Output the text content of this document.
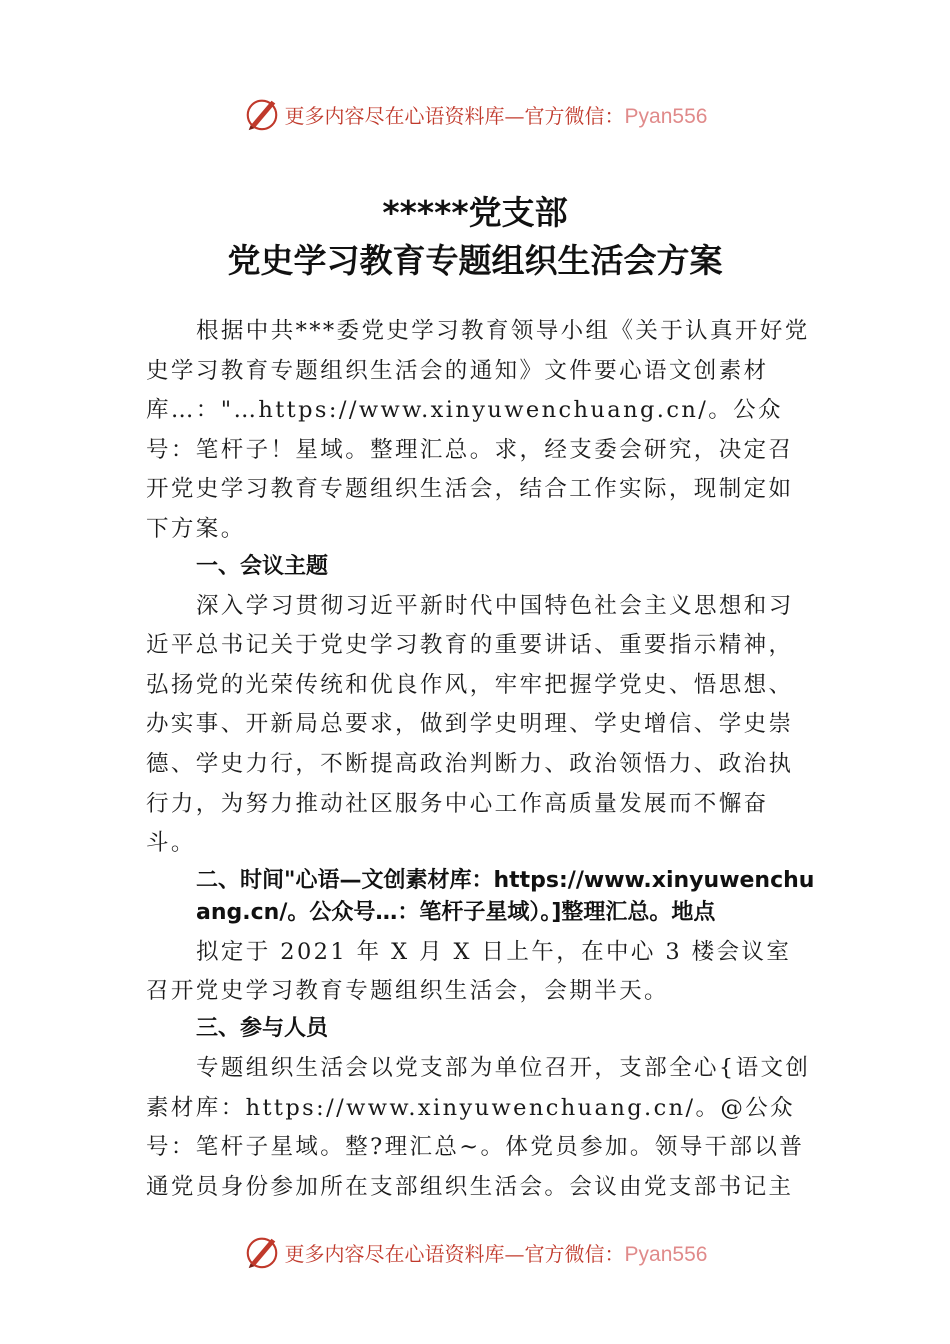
更多内容尽在心语资料库—官方微信：Pyan556
*****党支部
党史学习教育专题组织生活会方案

根据中共***委党史学习教育领导小组《关于认真开好党史学习教育专题组织生活会的通知》文件要心语文创素材库…："…https://www.xinyuwenchuang.cn/。公众号：笔杆子！星域。整理汇总。求，经支委会研究，决定召开党史学习教育专题组织生活会，结合工作实际，现制定如下方案。

一、会议主题

深入学习贯彻习近平新时代中国特色社会主义思想和习近平总书记关于党史学习教育的重要讲话、重要指示精神，弘扬党的光荣传统和优良作风，牢牢把握学党史、悟思想、办实事、开新局总要求，做到学史明理、学史增信、学史崇德、学史力行，不断提高政治判断力、政治领悟力、政治执行力，为努力推动社区服务中心工作高质量发展而不懈奋斗。

二、时间"心语—文创素材库：https://www.xinyuwenchuang.cn/。公众号…：笔杆子星域）。]整理汇总。地点

拟定于 2021 年 X 月 X 日上午，在中心 3 楼会议室召开党史学习教育专题组织生活会，会期半天。

三、参与人员

专题组织生活会以党支部为单位召开，支部全心{语文创素材库：https://www.xinyuwenchuang.cn/。@公众号：笔杆子星域。整?理汇总~。体党员参加。领导干部以普通党员身份参加所在支部组织生活会。会议由党支部书记主

更多内容尽在心语资料库—官方微信：Pyan556
